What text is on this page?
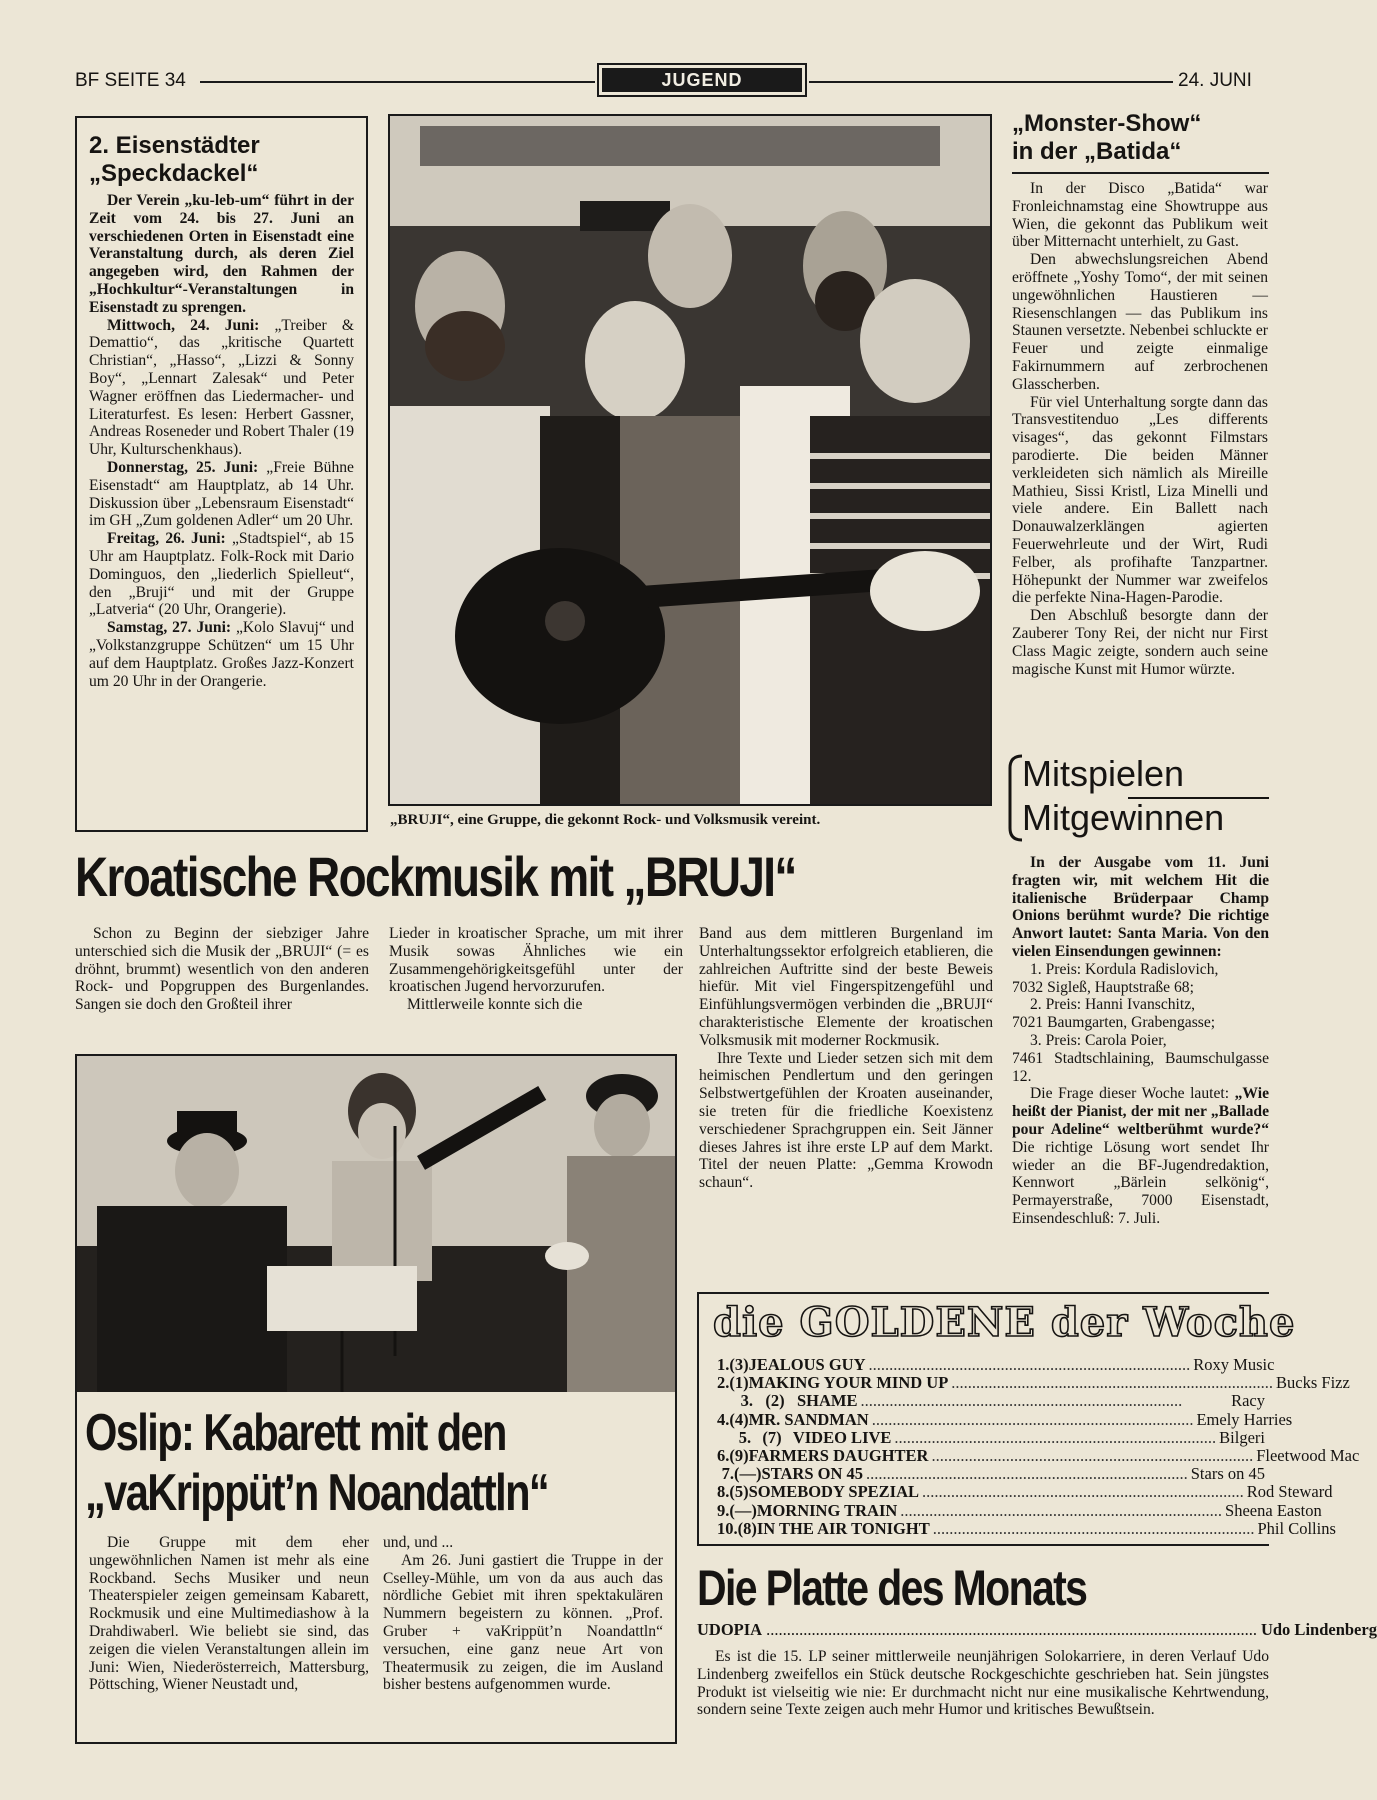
BF SEITE 34	JUGEND	24. JUNI
2. Eisenstädter
„Speckdackel“

Der Verein „ku-leb-um“ führt in der Zeit vom 24. bis 27. Juni an verschiedenen Orten in Eisenstadt eine Veranstaltung durch, als deren Ziel angegeben wird, den Rahmen der „Hochkultur“-Veranstaltungen in Eisenstadt zu sprengen.

Mittwoch, 24. Juni: „Treiber & Demattio“, das „kritische Quartett Christian“, „Hasso“, „Lizzi & Sonny Boy“, „Lennart Zalesak“ und Peter Wagner eröffnen das Liedermacher- und Literaturfest. Es lesen: Herbert Gassner, Andreas Roseneder und Robert Thaler (19 Uhr, Kulturschenkhaus).

Donnerstag, 25. Juni: „Freie Bühne Eisenstadt“ am Hauptplatz, ab 14 Uhr. Diskussion über „Lebensraum Eisenstadt“ im GH „Zum goldenen Adler“ um 20 Uhr.

Freitag, 26. Juni: „Stadtspiel“, ab 15 Uhr am Hauptplatz. Folk-Rock mit Dario Dominguos, den „liederlich Spielleut“, den „Bruji“ und mit der Gruppe „Latveria“ (20 Uhr, Orangerie).

Samstag, 27. Juni: „Kolo Slavuj“ und „Volkstanzgruppe Schützen“ um 15 Uhr auf dem Hauptplatz. Großes Jazz-Konzert um 20 Uhr in der Orangerie.

„BRUJI“, eine Gruppe, die gekonnt Rock- und Volksmusik vereint.
„Monster-Show“
in der „Batida“

In der Disco „Batida“ war Fronleichnamstag eine Showtruppe aus Wien, die gekonnt das Publikum weit über Mitternacht unterhielt, zu Gast.

Den abwechslungsreichen Abend eröffnete „Yoshy Tomo“, der mit seinen ungewöhnlichen Haustieren — Riesenschlangen — das Publikum ins Staunen versetzte. Nebenbei schluckte er Feuer und zeigte einmalige Fakirnummern auf zerbrochenen Glasscherben.

Für viel Unterhaltung sorgte dann das Transvestitenduo „Les differents visages“, das gekonnt Filmstars parodierte. Die beiden Männer verkleideten sich nämlich als Mireille Mathieu, Sissi Kristl, Liza Minelli und viele andere. Ein Ballett nach Donauwalzerklängen agierten Feuerwehrleute und der Wirt, Rudi Felber, als profihafte Tanzpartner. Höhepunkt der Nummer war zweifelos die perfekte Nina-Hagen-Parodie.

Den Abschluß besorgte dann der Zauberer Tony Rei, der nicht nur First Class Magic zeigte, sondern auch seine magische Kunst mit Humor würzte.

Mitspielen
Mitgewinnen

In der Ausgabe vom 11. Juni fragten wir, mit welchem Hit die italienische Brüderpaar Champ Onions berühmt wurde? Die richtige Anwort lautet: Santa Maria. Von den vielen Einsendungen gewinnen:

1. Preis: Kordula Radislovich,

7032 Sigleß, Hauptstraße 68;

2. Preis: Hanni Ivanschitz,

7021 Baumgarten, Grabengasse;

3. Preis: Carola Poier,

7461 Stadtschlaining, Baumschulgasse 12.

Die Frage dieser Woche lautet: „Wie heißt der Pianist, der mit ner „Ballade pour Adeline“ weltberühmt wurde?“ Die richtige Lösung wort sendet Ihr wieder an die BF-Jugendredaktion, Kennwort „Bärlein selkönig“, Permayerstraße, 7000 Eisenstadt, Einsendeschluß: 7. Juli.

Kroatische Rockmusik mit „BRUJI“

Schon zu Beginn der siebziger Jahre unterschied sich die Musik der „BRUJI“ (= es dröhnt, brummt) wesentlich von den anderen Rock- und Popgruppen des Burgenlandes. Sangen sie doch den Großteil ihrer

Lieder in kroatischer Sprache, um mit ihrer Musik sowas Ähnliches wie ein Zusammengehörigkeitsgefühl unter der kroatischen Jugend hervorzurufen.

Mittlerweile konnte sich die

Band aus dem mittleren Burgenland im Unterhaltungssektor erfolgreich etablieren, die zahlreichen Auftritte sind der beste Beweis hiefür. Mit viel Fingerspitzengefühl und Einfühlungsvermögen verbinden die „BRUJI“ charakteristische Elemente der kroatischen Volksmusik mit moderner Rockmusik.

Ihre Texte und Lieder setzen sich mit dem heimischen Pendlertum und den geringen Selbstwertgefühlen der Kroaten auseinander, sie treten für die friedliche Koexistenz verschiedener Sprachgruppen ein. Seit Jänner dieses Jahres ist ihre erste LP auf dem Markt. Titel der neuen Platte: „Gemma Krowodn schaun“.

Oslip: Kabarett mit den
„vaKrippüt’n Noandattln“

Die Gruppe mit dem eher ungewöhnlichen Namen ist mehr als eine Rockband. Sechs Musiker und neun Theaterspieler zeigen gemeinsam Kabarett, Rockmusik und eine Multimediashow à la Drahdiwaberl. Wie beliebt sie sind, das zeigen die vielen Veranstaltungen allein im Juni: Wien, Niederösterreich, Mattersburg, Pöttsching, Wiener Neustadt und,

und, und ...

Am 26. Juni gastiert die Truppe in der Cselley-Mühle, um von da aus auch das nördliche Gebiet mit ihren spektakulären Nummern begeistern zu können. „Prof. Gruber + vaKrippüt’n Noandattln“ versuchen, eine ganz neue Art von Theatermusik zu zeigen, die im Ausland bisher bestens aufgenommen wurde.

die GOLDENE der Woche
1. (3) JEALOUS GUY .............................................................................. Roxy Music
2. (1) MAKING YOUR MIND UP .............................................................................. Bucks Fizz
3. (2) SHAME ..............................................................................	Racy
4. (4) MR. SANDMAN .............................................................................. Emely Harries
5. (7) VIDEO LIVE .............................................................................. Bilgeri
6. (9) FARMERS DAUGHTER .............................................................................. Fleetwood Mac
7. (—) STARS ON 45 .............................................................................. Stars on 45
8. (5) SOMEBODY SPEZIAL .............................................................................. Rod Steward
9. (—) MORNING TRAIN .............................................................................. Sheena Easton
10. (8) IN THE AIR TONIGHT .............................................................................. Phil Collins
Die Platte des Monats
UDOPIA ....................................................................................................................... Udo Lindenberg

Es ist die 15. LP seiner mittlerweile neunjährigen Solokarriere, in deren Verlauf Udo Lindenberg zweifellos ein Stück deutsche Rockgeschichte geschrieben hat. Sein jüngstes Produkt ist vielseitig wie nie: Er durchmacht nicht nur eine musikalische Kehrtwendung, sondern seine Texte zeigen auch mehr Humor und kritisches Bewußtsein.
